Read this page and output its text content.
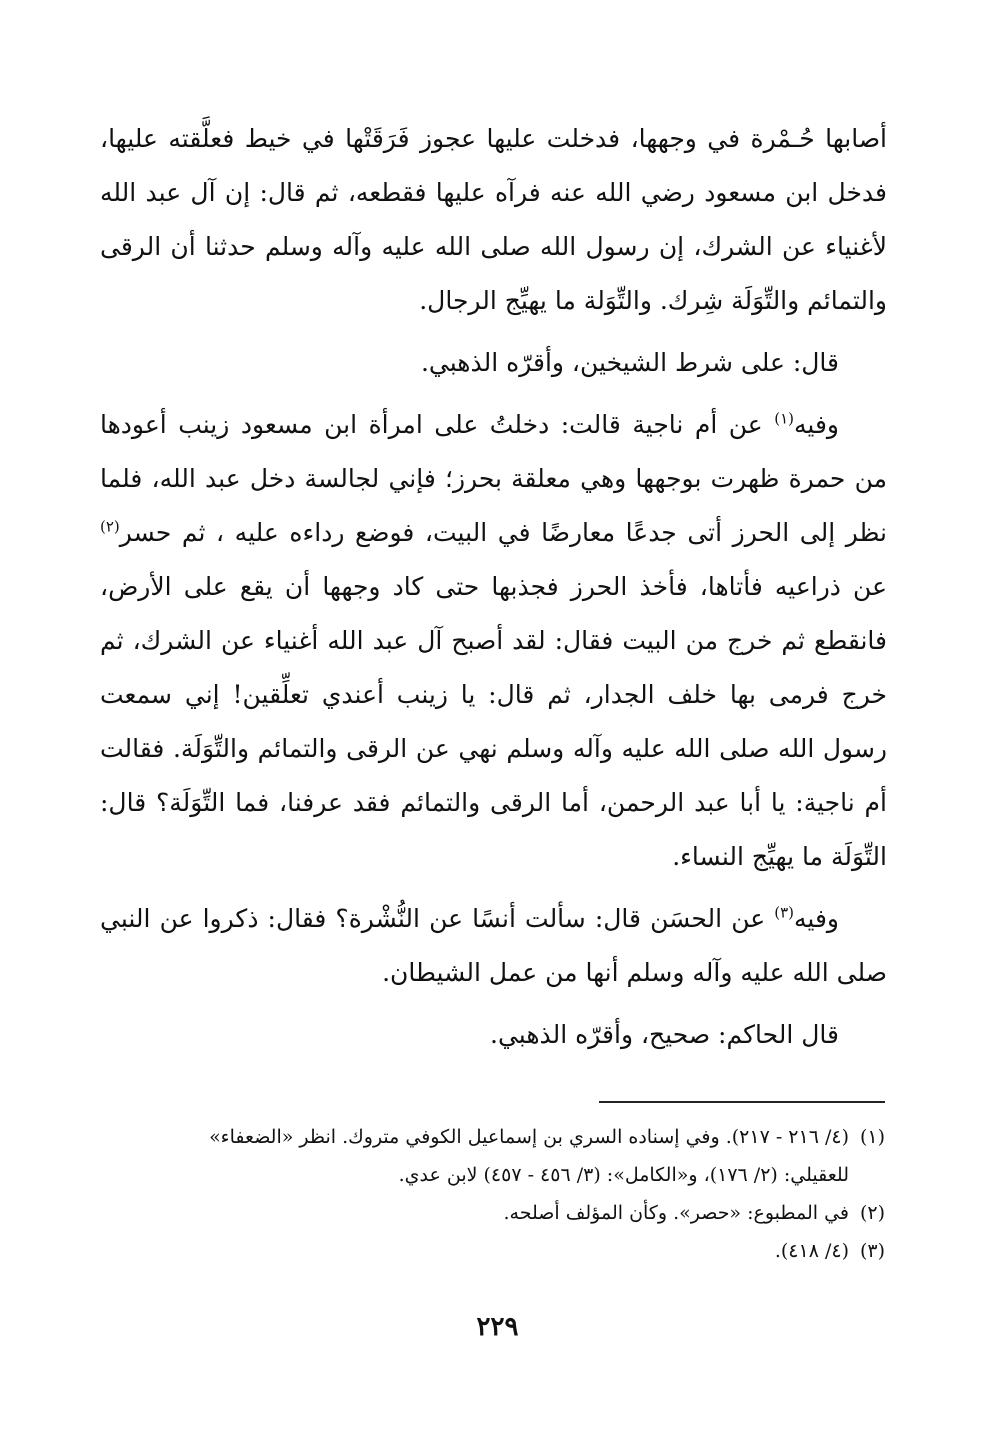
أصابها حُـمْرة في وجهها، فدخلت عليها عجوز فَرَقَتْها في خيط فعلَّقته عليها، فدخل ابن مسعود رضي الله عنه فرآه عليها فقطعه، ثم قال: إن آل عبد الله لأغنياء عن الشرك، إن رسول الله صلى الله عليه وآله وسلم حدثنا أن الرقى والتمائم والتِّوَلَة شِرك. والتِّوَلة ما يهيِّج الرجال.

قال: على شرط الشيخين، وأقرّه الذهبي.

وفيه$^{(١)}$ عن أم ناجية قالت: دخلتُ على امرأة ابن مسعود زينب أعودها من حمرة ظهرت بوجهها وهي معلقة بحرز؛ فإني لجالسة دخل عبد الله، فلما نظر إلى الحرز أتى جدعًا معارضًا في البيت، فوضع رداءه عليه ، ثم حسر$^{(٢)}$ عن ذراعيه فأتاها، فأخذ الحرز فجذبها حتى كاد وجهها أن يقع على الأرض، فانقطع ثم خرج من البيت فقال: لقد أصبح آل عبد الله أغنياء عن الشرك، ثم خرج فرمى بها خلف الجدار، ثم قال: يا زينب أعندي تعلِّقين! إني سمعت رسول الله صلى الله عليه وآله وسلم نهي عن الرقى والتمائم والتِّوَلَة. فقالت أم ناجية: يا أبا عبد الرحمن، أما الرقى والتمائم فقد عرفنا، فما التِّوَلَة؟ قال: التِّوَلَة ما يهيِّج النساء.

وفيه$^{(٣)}$ عن الحسَن قال: سألت أنسًا عن النُّشْرة؟ فقال: ذكروا عن النبي صلى الله عليه وآله وسلم أنها من عمل الشيطان.

قال الحاكم: صحيح، وأقرّه الذهبي.

(١)(٤/ ٢١٦ - ٢١٧). وفي إسناده السري بن إسماعيل الكوفي متروك. انظر «الضعفاء»

للعقيلي: (٢/ ١٧٦)، و«الكامل»: (٣/ ٤٥٦ - ٤٥٧) لابن عدي.

(٢)في المطبوع: «حصر». وكأن المؤلف أصلحه.

(٣)(٤/ ٤١٨).

٢٢٩
